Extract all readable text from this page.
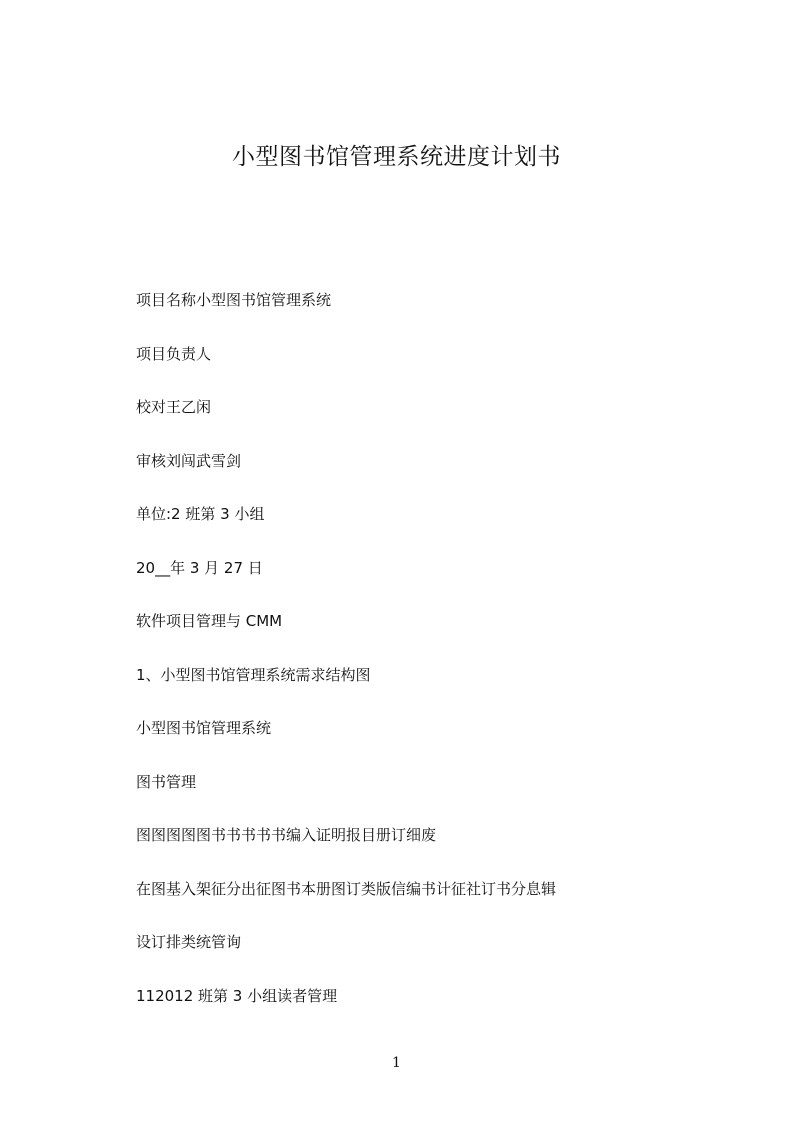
小型图书馆管理系统进度计划书
项目名称小型图书馆管理系统
项目负责人
校对王乙闲
审核刘闯武雪剑
单位:2 班第 3 小组
20__年 3 月 27 日
软件项目管理与 CMM
1、小型图书馆管理系统需求结构图
小型图书馆管理系统
图书管理
图图图图图书书书书书编入证明报目册订细废
在图基入架征分出征图书本册图订类版信编书计征社订书分息辑
设订排类统管询
112012 班第 3 小组读者管理
1
